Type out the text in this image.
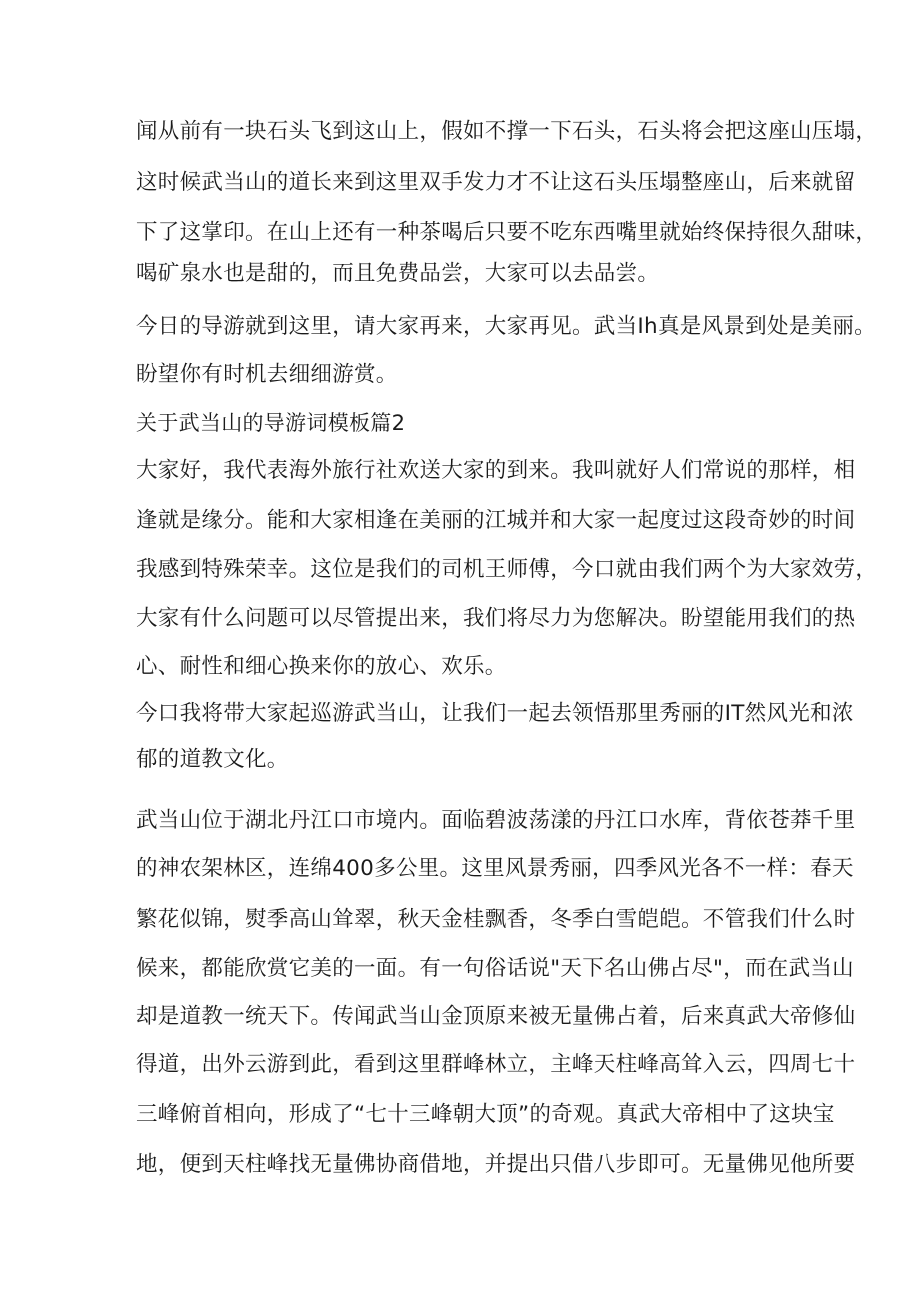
闻从前有一块石头飞到这山上，假如不撑一下石头，石头将会把这座山压塌，
这时候武当山的道长来到这里双手发力才不让这石头压塌整座山，后来就留
下了这掌印。在山上还有一种茶喝后只要不吃东西嘴里就始终保持很久甜味，
喝矿泉水也是甜的，而且免费品尝，大家可以去品尝。
今日的导游就到这里，请大家再来，大家再见。武当Ih真是风景到处是美丽。
盼望你有时机去细细游赏。
关于武当山的导游词模板篇2
大家好，我代表海外旅行社欢送大家的到来。我叫就好人们常说的那样，相
逢就是缘分。能和大家相逢在美丽的江城并和大家一起度过这段奇妙的时间
我感到特殊荣幸。这位是我们的司机王师傅，今口就由我们两个为大家效劳，
大家有什么问题可以尽管提出来，我们将尽力为您解决。盼望能用我们的热
心、耐性和细心换来你的放心、欢乐。
今口我将带大家起巡游武当山，让我们一起去领悟那里秀丽的IT然风光和浓
郁的道教文化。
武当山位于湖北丹江口市境内。面临碧波荡漾的丹江口水库，背依苍莽千里
的神农架林区，连绵400多公里。这里风景秀丽，四季风光各不一样：春天
繁花似锦，熨季高山耸翠，秋天金桂飘香，冬季白雪皑皑。不管我们什么时
候来，都能欣赏它美的一面。有一句俗话说"天下名山佛占尽"，而在武当山
却是道教一统天下。传闻武当山金顶原来被无量佛占着，后来真武大帝修仙
得道，出外云游到此，看到这里群峰林立，主峰天柱峰高耸入云，四周七十
三峰俯首相向，形成了“七十三峰朝大顶”的奇观。真武大帝相中了这块宝
地，便到天柱峰找无量佛协商借地，并提出只借八步即可。无量佛见他所要
